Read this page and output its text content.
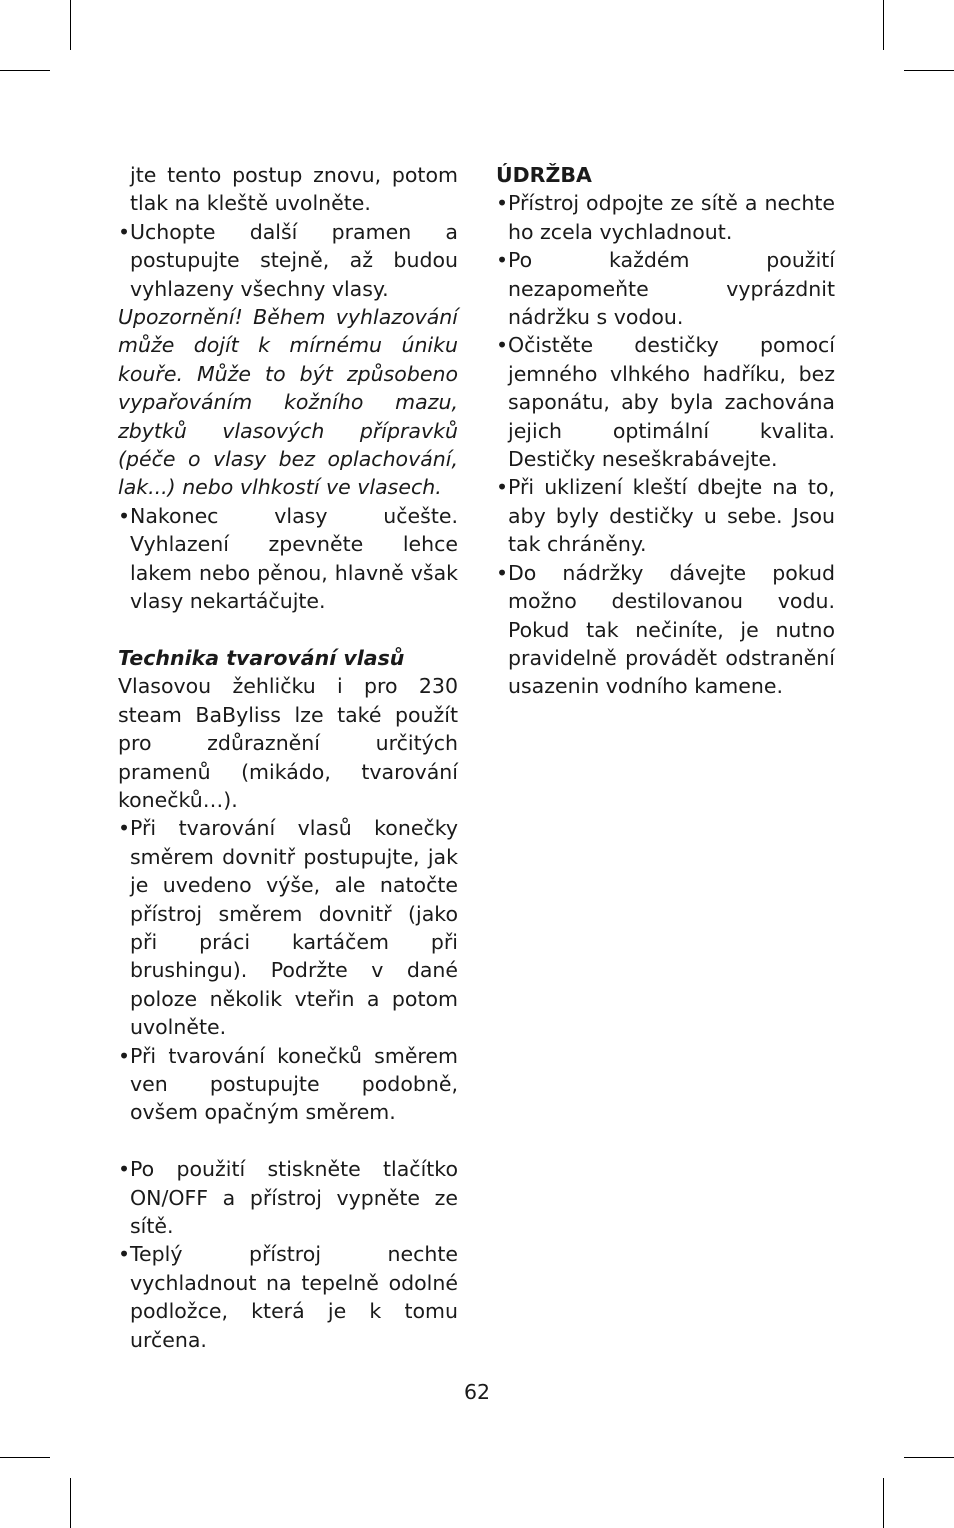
jte tento postup znovu, potom tlak na kleště uvolněte.

• Uchopte další pramen a postupujte stejně, až budou vyhlazeny všechny vlasy.

Upozornění! Během vyhlazování může dojít k mírnému úniku kouře. Může to být způsobeno vypařováním kožního mazu, zbytků vlasových přípravků (péče o vlasy bez oplachování, lak...) nebo vlhkostí ve vlasech.

• Nakonec vlasy učešte. Vyhlazení zpevněte lehce lakem nebo pěnou, hlavně však vlasy nekartáčujte.

Technika tvarování vlasů

Vlasovou žehličku i pro 230 steam BaByliss lze také použít pro zdůraznění určitých pramenů (mikádo, tvarování konečků…).

• Při tvarování vlasů konečky směrem dovnitř postupujte, jak je uvedeno výše, ale natočte přístroj směrem dovnitř (jako při práci kartáčem při brushingu). Podržte v dané poloze několik vteřin a potom uvolněte.

• Při tvarování konečků směrem ven postupujte podobně, ovšem opačným směrem.

• Po použití stiskněte tlačítko ON/OFF a přístroj vypněte ze sítě.

• Teplý přístroj nechte vychladnout na tepelně odolné podložce, která je k tomu určena.

ÚDRŽBA

• Přístroj odpojte ze sítě a nechte ho zcela vychladnout.

• Po každém použití nezapomeňte vyprázdnit nádržku s vodou.

• Očistěte destičky pomocí jemného vlhkého hadříku, bez saponátu, aby byla zachována jejich optimální kvalita. Destičky neseškrabávejte.

• Při uklizení kleští dbejte na to, aby byly destičky u sebe. Jsou tak chráněny.

• Do nádržky dávejte pokud možno destilovanou vodu. Pokud tak nečiníte, je nutno pravidelně provádět odstranění usazenin vodního kamene.

62
